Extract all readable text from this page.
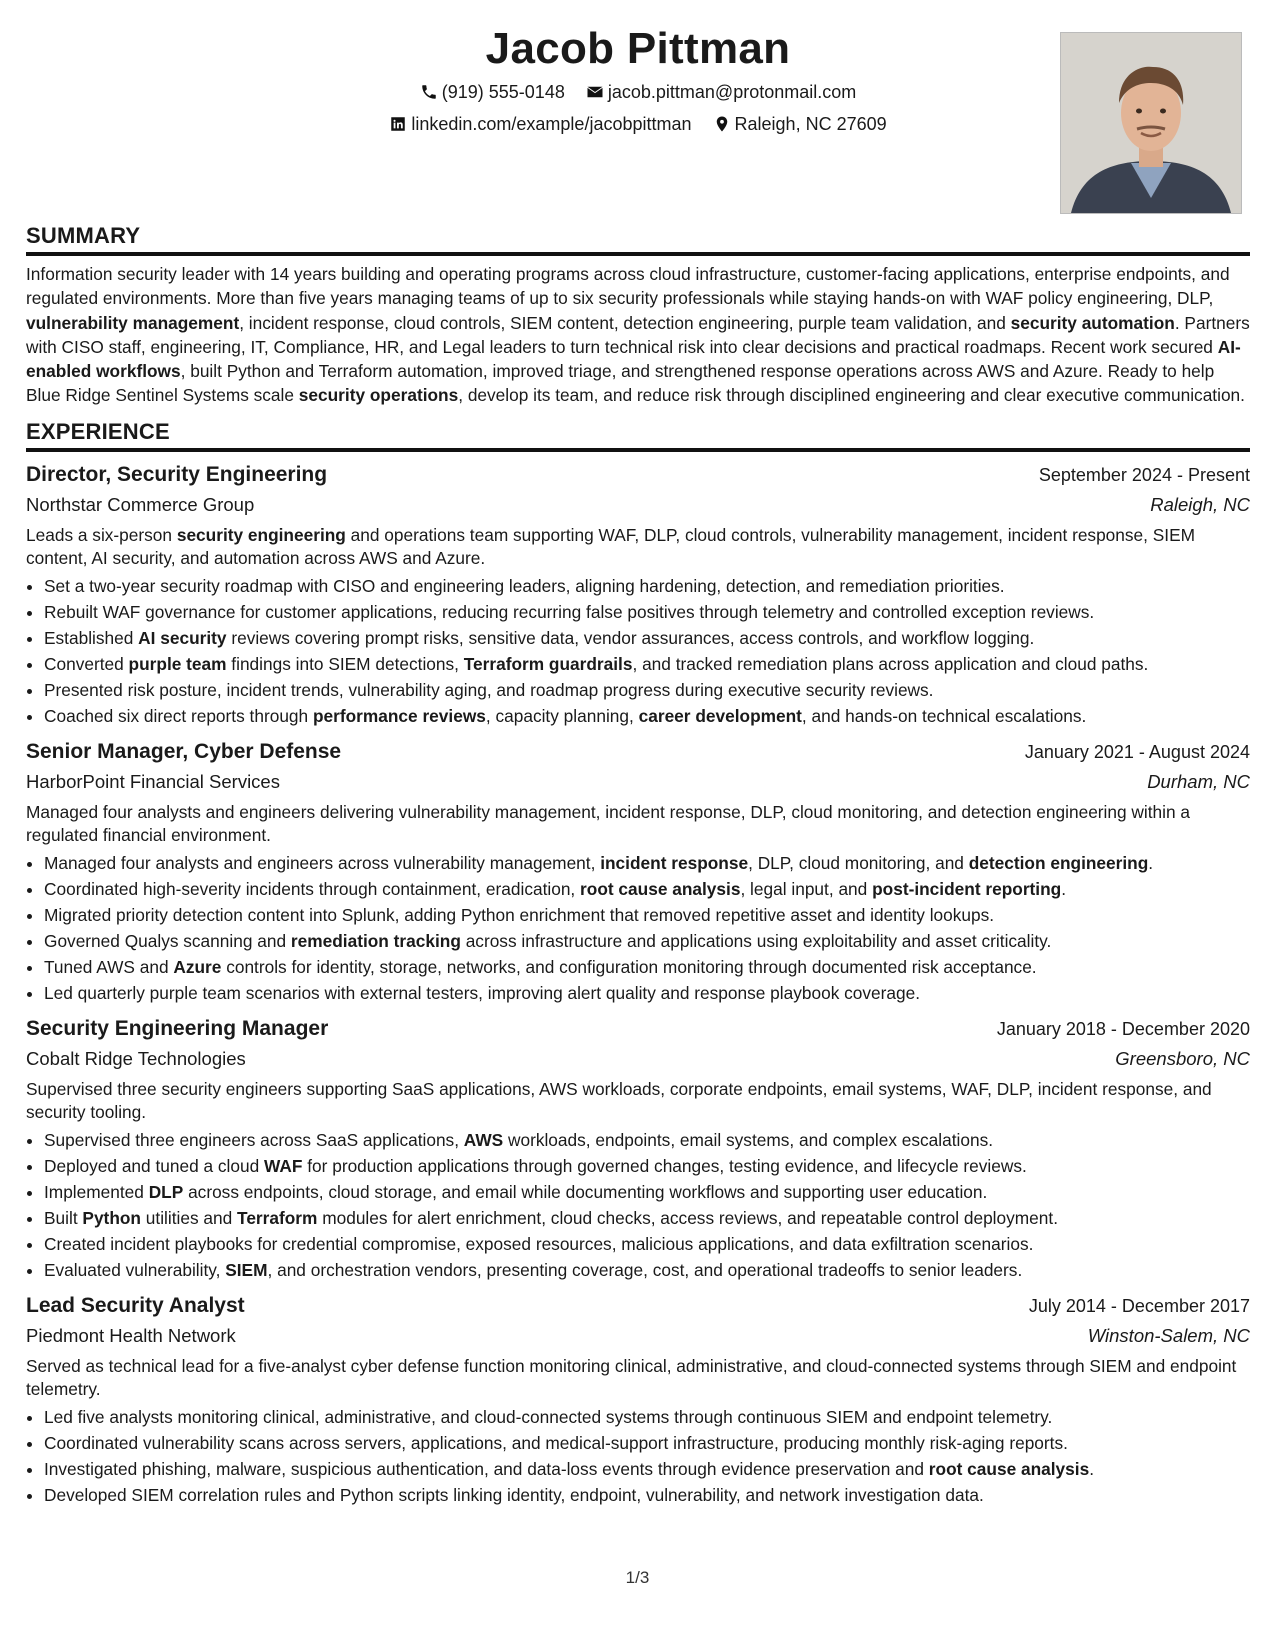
Jacob Pittman
(919) 555-0148
jacob.pittman@protonmail.com
linkedin.com/example/jacobpittman
Raleigh, NC 27609
SUMMARY

Information security leader with 14 years building and operating programs across cloud infrastructure, customer-facing applications, enterprise endpoints, and regulated environments. More than five years managing teams of up to six security professionals while staying hands-on with WAF policy engineering, DLP, vulnerability management, incident response, cloud controls, SIEM content, detection engineering, purple team validation, and security automation. Partners with CISO staff, engineering, IT, Compliance, HR, and Legal leaders to turn technical risk into clear decisions and practical roadmaps. Recent work secured AI-enabled workflows, built Python and Terraform automation, improved triage, and strengthened response operations across AWS and Azure. Ready to help Blue Ridge Sentinel Systems scale security operations, develop its team, and reduce risk through disciplined engineering and clear executive communication.

EXPERIENCE
Director, Security Engineering	September 2024 - Present
Northstar Commerce Group	Raleigh, NC

Leads a six-person security engineering and operations team supporting WAF, DLP, cloud controls, vulnerability management, incident response, SIEM content, AI security, and automation across AWS and Azure.

• Set a two-year security roadmap with CISO and engineering leaders, aligning hardening, detection, and remediation priorities.
• Rebuilt WAF governance for customer applications, reducing recurring false positives through telemetry and controlled exception reviews.
• Established AI security reviews covering prompt risks, sensitive data, vendor assurances, access controls, and workflow logging.
• Converted purple team findings into SIEM detections, Terraform guardrails, and tracked remediation plans across application and cloud paths.
• Presented risk posture, incident trends, vulnerability aging, and roadmap progress during executive security reviews.
• Coached six direct reports through performance reviews, capacity planning, career development, and hands-on technical escalations.
Senior Manager, Cyber Defense	January 2021 - August 2024
HarborPoint Financial Services	Durham, NC

Managed four analysts and engineers delivering vulnerability management, incident response, DLP, cloud monitoring, and detection engineering within a regulated financial environment.

• Managed four analysts and engineers across vulnerability management, incident response, DLP, cloud monitoring, and detection engineering.
• Coordinated high-severity incidents through containment, eradication, root cause analysis, legal input, and post-incident reporting.
• Migrated priority detection content into Splunk, adding Python enrichment that removed repetitive asset and identity lookups.
• Governed Qualys scanning and remediation tracking across infrastructure and applications using exploitability and asset criticality.
• Tuned AWS and Azure controls for identity, storage, networks, and configuration monitoring through documented risk acceptance.
• Led quarterly purple team scenarios with external testers, improving alert quality and response playbook coverage.
Security Engineering Manager	January 2018 - December 2020
Cobalt Ridge Technologies	Greensboro, NC

Supervised three security engineers supporting SaaS applications, AWS workloads, corporate endpoints, email systems, WAF, DLP, incident response, and security tooling.

• Supervised three engineers across SaaS applications, AWS workloads, endpoints, email systems, and complex escalations.
• Deployed and tuned a cloud WAF for production applications through governed changes, testing evidence, and lifecycle reviews.
• Implemented DLP across endpoints, cloud storage, and email while documenting workflows and supporting user education.
• Built Python utilities and Terraform modules for alert enrichment, cloud checks, access reviews, and repeatable control deployment.
• Created incident playbooks for credential compromise, exposed resources, malicious applications, and data exfiltration scenarios.
• Evaluated vulnerability, SIEM, and orchestration vendors, presenting coverage, cost, and operational tradeoffs to senior leaders.
Lead Security Analyst	July 2014 - December 2017
Piedmont Health Network	Winston-Salem, NC

Served as technical lead for a five-analyst cyber defense function monitoring clinical, administrative, and cloud-connected systems through SIEM and endpoint telemetry.

• Led five analysts monitoring clinical, administrative, and cloud-connected systems through continuous SIEM and endpoint telemetry.
• Coordinated vulnerability scans across servers, applications, and medical-support infrastructure, producing monthly risk-aging reports.
• Investigated phishing, malware, suspicious authentication, and data-loss events through evidence preservation and root cause analysis.
• Developed SIEM correlation rules and Python scripts linking identity, endpoint, vulnerability, and network investigation data.
1/3
